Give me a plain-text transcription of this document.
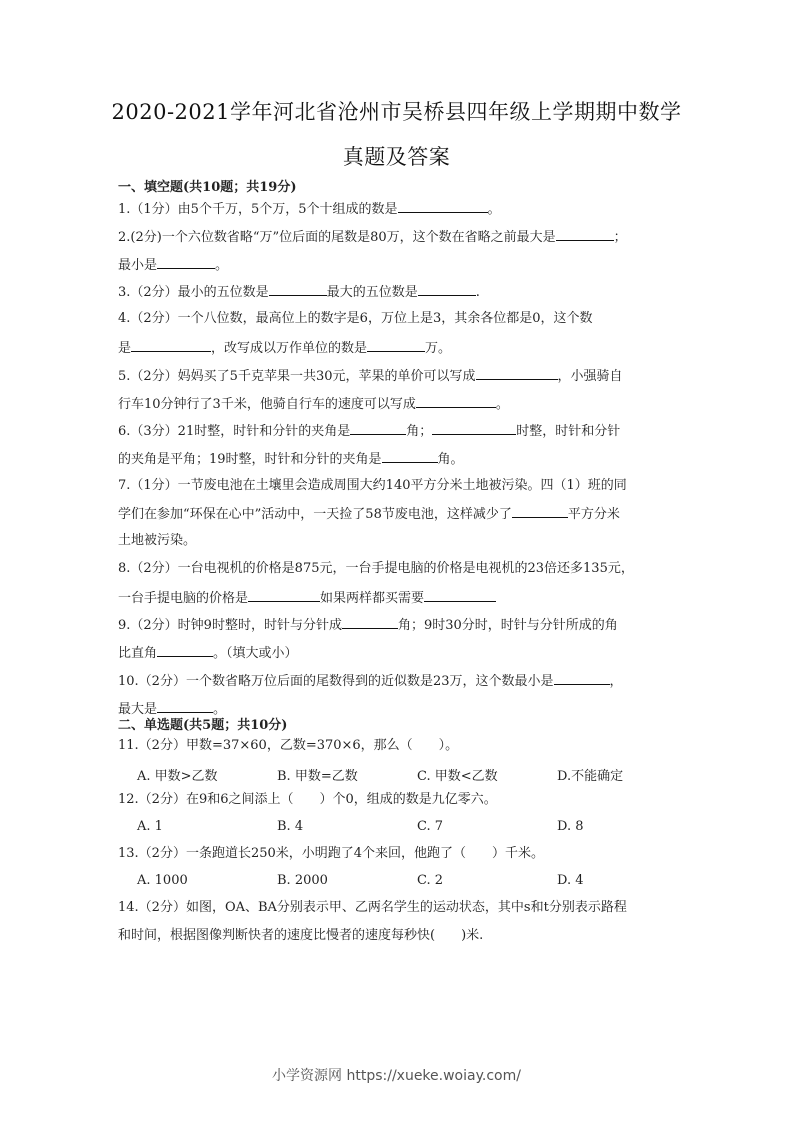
2020-2021学年河北省沧州市吴桥县四年级上学期期中数学
真题及答案
一、填空题(共10题；共19分)
1.（1分）由5个千万，5个万，5个十组成的数是	。
2.(2分)一个六位数省略“万”位后面的尾数是80万，这个数在省略之前最大是	；
最小是	。
3.（2分）最小的五位数是	最大的五位数是	.
4.（2分）一个八位数，最高位上的数字是6，万位上是3，其余各位都是0，这个数
是	，改写成以万作单位的数是	万。
5.（2分）妈妈买了5千克苹果一共30元，苹果的单价可以写成	，小强骑自
行车10分钟行了3千米，他骑自行车的速度可以写成	。
6.（3分）21时整，时针和分针的夹角是	角；	时整，时针和分针
的夹角是平角；19时整，时针和分针的夹角是	角。
7.（1分）一节废电池在土壤里会造成周围大约140平方分米土地被污染。四（1）班的同
学们在参加“环保在心中”活动中，一天捡了58节废电池，这样减少了	平方分米
土地被污染。
8.（2分）一台电视机的价格是875元，一台手提电脑的价格是电视机的23倍还多135元，
一台手提电脑的价格是	如果两样都买需要
9.（2分）时钟9时整时，时针与分针成	角；9时30分时，时针与分针所成的角
比直角	。（填大或小）
10.（2分）一个数省略万位后面的尾数得到的近似数是23万，这个数最小是	，
最大是	。
二、单选题(共5题；共10分)
11.（2分）甲数=37×60，乙数=370×6，那么（　　）。
A. 甲数>乙数	B. 甲数=乙数	C. 甲数<乙数	D.不能确定
12.（2分）在9和6之间添上（　　）个0，组成的数是九亿零六。
A. 1	B. 4	C. 7	D. 8
13.（2分）一条跑道长250米，小明跑了4个来回，他跑了（　　）千米。
A. 1000	B. 2000	C. 2	D. 4
14.（2分）如图，OA、BA分别表示甲、乙两名学生的运动状态，其中s和t分别表示路程
和时间，根据图像判断快者的速度比慢者的速度每秒快(　　)米.
小学资源网 https://xueke.woiay.com/
